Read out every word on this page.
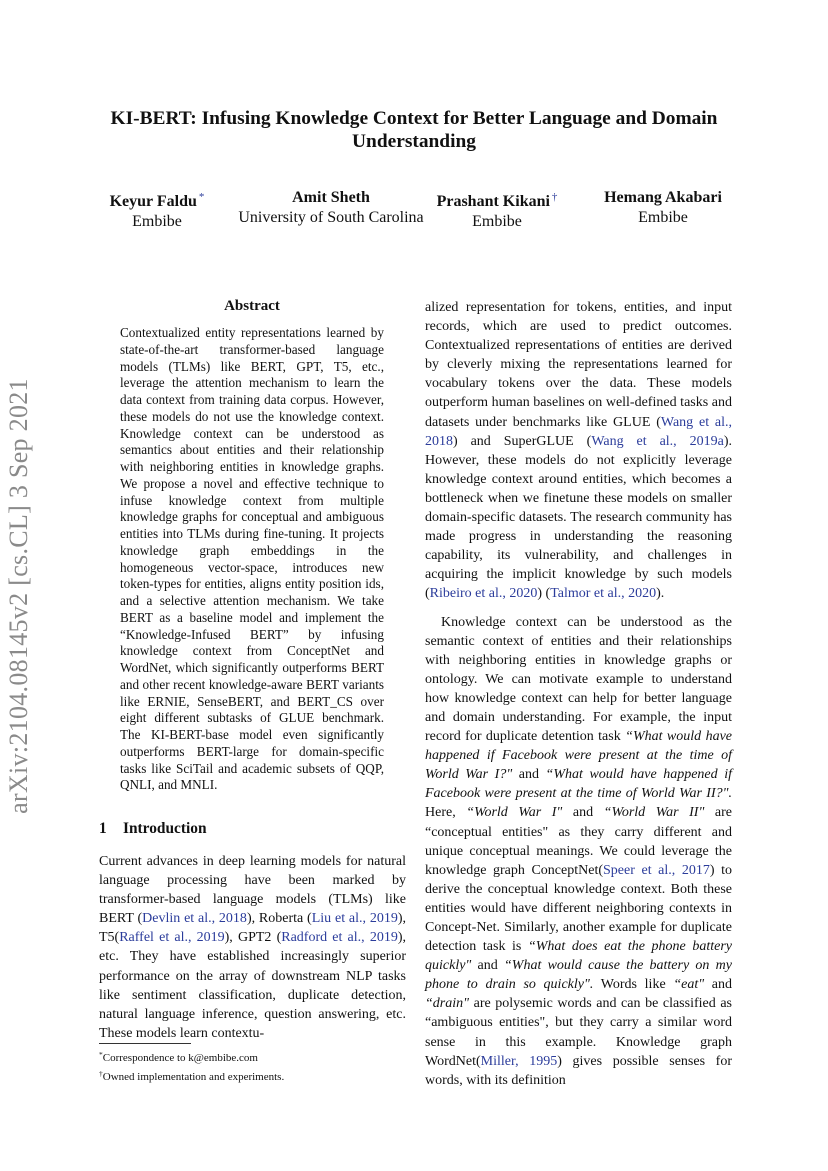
arXiv:2104.08145v2 [cs.CL] 3 Sep 2021
KI-BERT: Infusing Knowledge Context for Better Language and Domain Understanding
Keyur Faldu *
Embibe
Amit Sheth
University of South Carolina
Prashant Kikani †
Embibe
Hemang Akabari
Embibe
Abstract

Contextualized entity representations learned by state-of-the-art transformer-based language models (TLMs) like BERT, GPT, T5, etc., leverage the attention mechanism to learn the data context from training data corpus. However, these models do not use the knowledge context. Knowledge context can be understood as semantics about entities and their relationship with neighboring entities in knowledge graphs. We propose a novel and effective technique to infuse knowledge context from multiple knowledge graphs for conceptual and ambiguous entities into TLMs during fine-tuning. It projects knowledge graph embeddings in the homogeneous vector-space, introduces new token-types for entities, aligns entity position ids, and a selective attention mechanism. We take BERT as a baseline model and implement the “Knowledge-Infused BERT” by infusing knowledge context from ConceptNet and WordNet, which significantly outperforms BERT and other recent knowledge-aware BERT variants like ERNIE, SenseBERT, and BERT_CS over eight different subtasks of GLUE benchmark. The KI-BERT-base model even significantly outperforms BERT-large for domain-specific tasks like SciTail and academic subsets of QQP, QNLI, and MNLI.

1 Introduction

Current advances in deep learning models for natural language processing have been marked by transformer-based language models (TLMs) like BERT (Devlin et al., 2018), Roberta (Liu et al., 2019), T5(Raffel et al., 2019), GPT2 (Radford et al., 2019), etc. They have established increasingly superior performance on the array of downstream NLP tasks like sentiment classification, duplicate detection, natural language inference, question answering, etc. These models learn contextu-

*Correspondence to k@embibe.com
†Owned implementation and experiments.

alized representation for tokens, entities, and input records, which are used to predict outcomes. Contextualized representations of entities are derived by cleverly mixing the representations learned for vocabulary tokens over the data. These models outperform human baselines on well-defined tasks and datasets under benchmarks like GLUE (Wang et al., 2018) and SuperGLUE (Wang et al., 2019a). However, these models do not explicitly leverage knowledge context around entities, which becomes a bottleneck when we finetune these models on smaller domain-specific datasets. The research community has made progress in understanding the reasoning capability, its vulnerability, and challenges in acquiring the implicit knowledge by such models (Ribeiro et al., 2020) (Talmor et al., 2020).

Knowledge context can be understood as the semantic context of entities and their relationships with neighboring entities in knowledge graphs or ontology. We can motivate example to understand how knowledge context can help for better language and domain understanding. For example, the input record for duplicate detention task “What would have happened if Facebook were present at the time of World War I?" and “What would have happened if Facebook were present at the time of World War II?". Here, “World War I" and “World War II" are “conceptual entities" as they carry different and unique conceptual meanings. We could leverage the knowledge graph ConceptNet(Speer et al., 2017) to derive the conceptual knowledge context. Both these entities would have different neighboring contexts in Concept-Net. Similarly, another example for duplicate detection task is “What does eat the phone battery quickly" and “What would cause the battery on my phone to drain so quickly". Words like “eat" and “drain" are polysemic words and can be classified as “ambiguous entities", but they carry a similar word sense in this example. Knowledge graph WordNet(Miller, 1995) gives possible senses for words, with its definition
